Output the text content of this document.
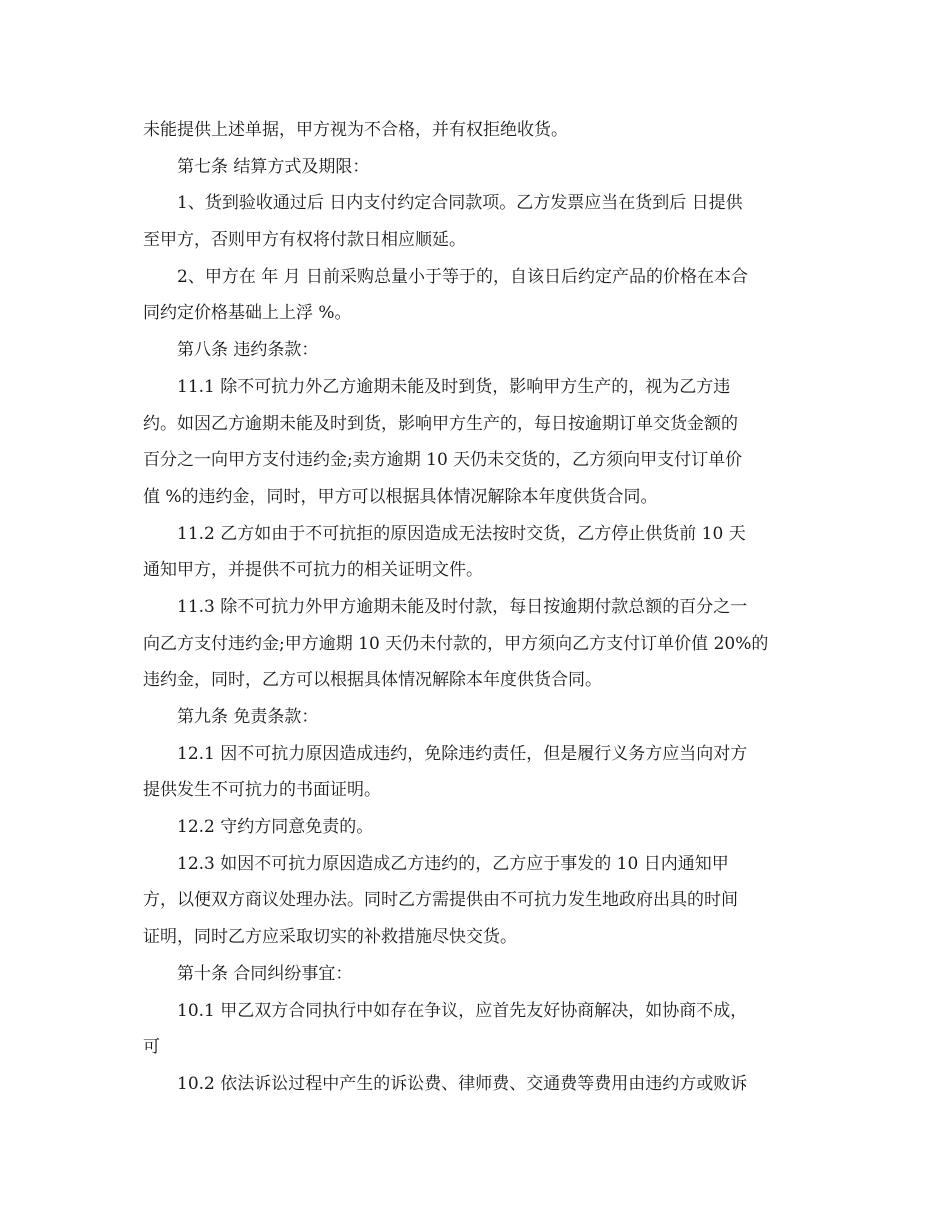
未能提供上述单据，甲方视为不合格，并有权拒绝收货。
第七条 结算方式及期限：
1、货到验收通过后 日内支付约定合同款项。乙方发票应当在货到后 日提供
至甲方，否则甲方有权将付款日相应顺延。
2、甲方在 年 月 日前采购总量小于等于的，自该日后约定产品的价格在本合
同约定价格基础上上浮 %。
第八条 违约条款：
11.1 除不可抗力外乙方逾期未能及时到货，影响甲方生产的，视为乙方违
约。如因乙方逾期未能及时到货，影响甲方生产的，每日按逾期订单交货金额的
百分之一向甲方支付违约金;卖方逾期 10 天仍未交货的，乙方须向甲支付订单价
值 %的违约金，同时，甲方可以根据具体情况解除本年度供货合同。
11.2 乙方如由于不可抗拒的原因造成无法按时交货，乙方停止供货前 10 天
通知甲方，并提供不可抗力的相关证明文件。
11.3 除不可抗力外甲方逾期未能及时付款，每日按逾期付款总额的百分之一
向乙方支付违约金;甲方逾期 10 天仍未付款的，甲方须向乙方支付订单价值 20%的
违约金，同时，乙方可以根据具体情况解除本年度供货合同。
第九条 免责条款：
12.1 因不可抗力原因造成违约，免除违约责任，但是履行义务方应当向对方
提供发生不可抗力的书面证明。
12.2 守约方同意免责的。
12.3 如因不可抗力原因造成乙方违约的，乙方应于事发的 10 日内通知甲
方，以便双方商议处理办法。同时乙方需提供由不可抗力发生地政府出具的时间
证明，同时乙方应采取切实的补救措施尽快交货。
第十条 合同纠纷事宜：
10.1 甲乙双方合同执行中如存在争议，应首先友好协商解决，如协商不成，
可
10.2 依法诉讼过程中产生的诉讼费、律师费、交通费等费用由违约方或败诉
